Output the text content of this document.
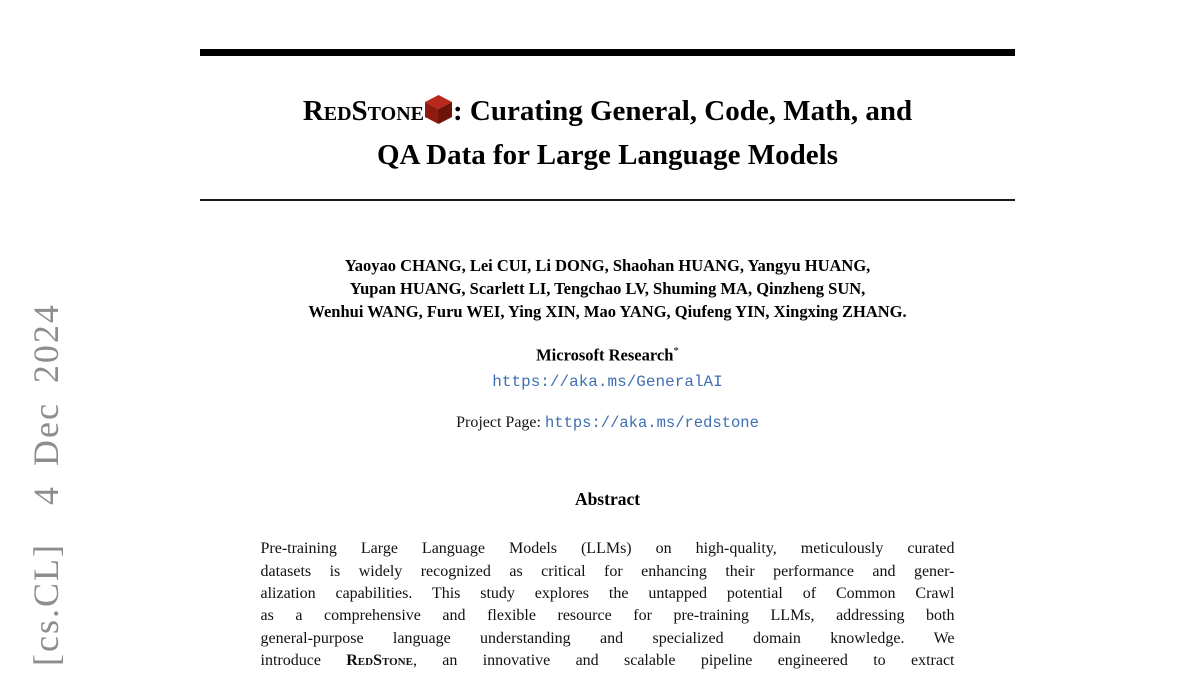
[cs.CL]  4 Dec 2024
RedStone : Curating General, Code, Math, and
QA Data for Large Language Models
Yaoyao CHANG, Lei CUI, Li DONG, Shaohan HUANG, Yangyu HUANG,
Yupan HUANG, Scarlett LI, Tengchao LV, Shuming MA, Qinzheng SUN,
Wenhui WANG, Furu WEI, Ying XIN, Mao YANG, Qiufeng YIN, Xingxing ZHANG.
Microsoft Research*
https://aka.ms/GeneralAI
Project Page: https://aka.ms/redstone
Abstract
Pre-training Large Language Models (LLMs) on high-quality, meticulously curated
datasets is widely recognized as critical for enhancing their performance and gener-
alization capabilities. This study explores the untapped potential of Common Crawl
as a comprehensive and flexible resource for pre-training LLMs, addressing both
general-purpose language understanding and specialized domain knowledge. We
introduce RedStone, an innovative and scalable pipeline engineered to extract
